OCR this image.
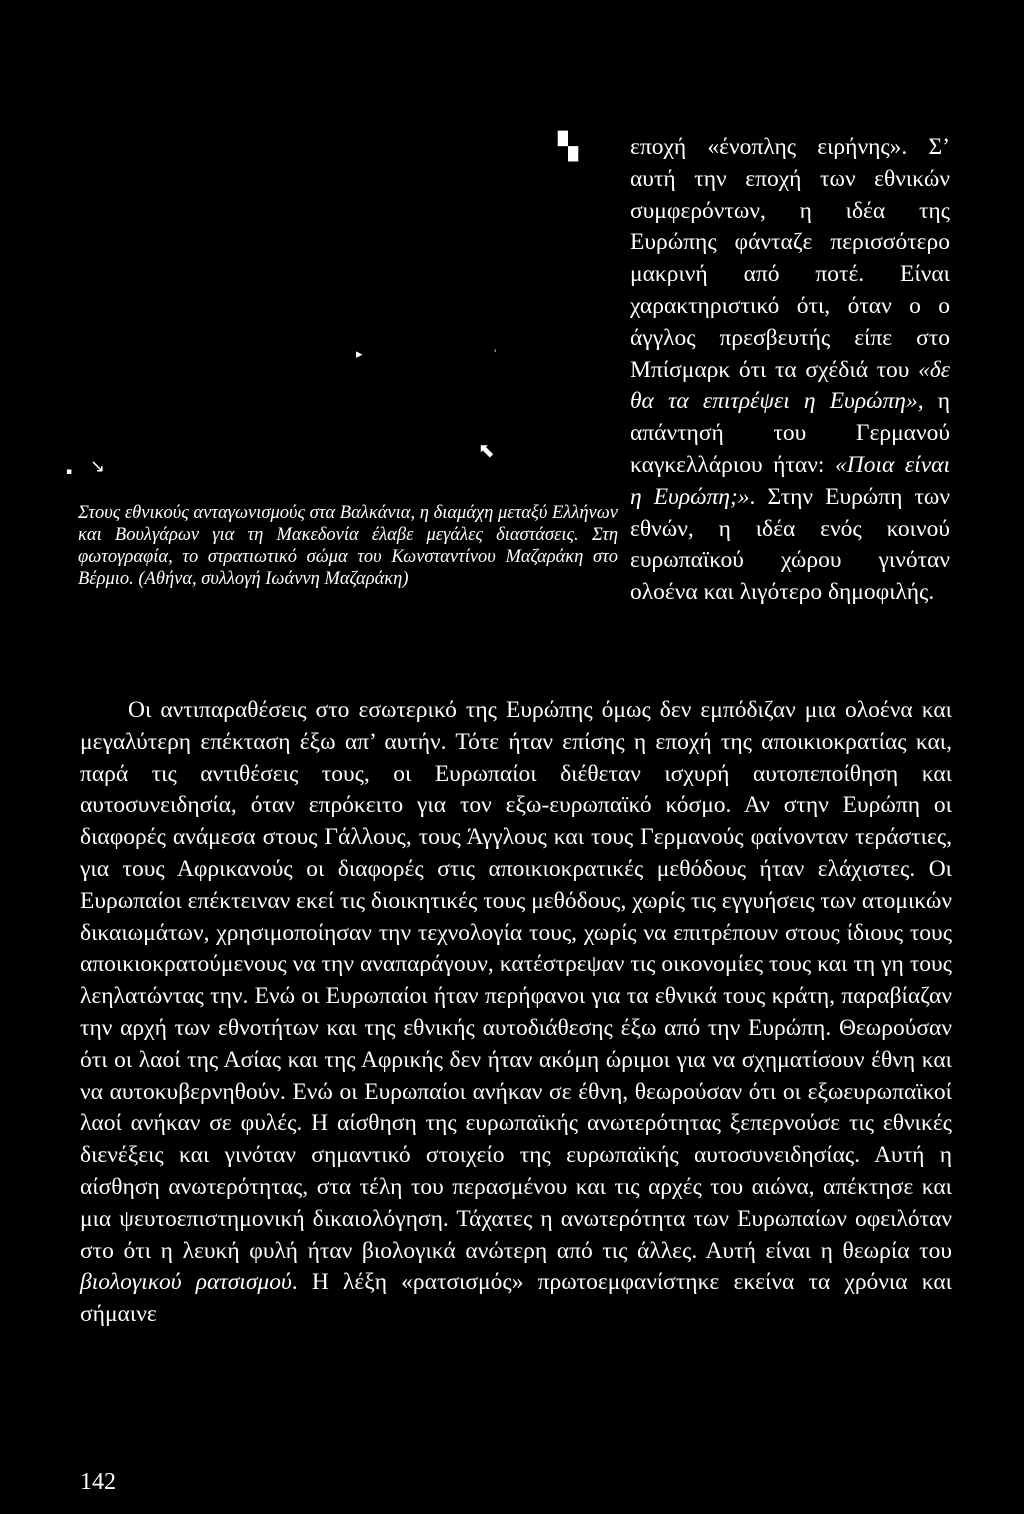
▚
▸	'
⬉
▪ ↘
Στους εθνικούς ανταγωνισμούς στα Βαλκάνια, η διαμάχη μεταξύ Ελλήνων και Βουλγάρων για τη Μακεδονία έλαβε μεγάλες διαστάσεις. Στη φωτογραφία, το στρατιωτικό σώμα του Κωνσταντίνου Μαζαράκη στο Βέρμιο. (Αθήνα, συλλογή Ιωάννη Μαζαράκη)

εποχή «ένοπλης ειρήνης». Σ’ αυτή την εποχή των εθνικών συμφερόντων, η ιδέα της Ευρώπης φάνταζε περισσότερο μακρινή από ποτέ. Είναι χαρακτηριστικό ότι, όταν ο ο άγγλος πρεσβευτής είπε στο Μπίσμαρκ ότι τα σχέδιά του «δε θα τα επιτρέψει η Ευρώπη», η απάντησή του Γερμανού καγκελλάριου ήταν: «Ποια είναι η Ευρώπη;». Στην Ευρώπη των εθνών, η ιδέα ενός κοινού ευρωπαϊκού χώρου γινόταν ολοένα και λιγότερο δημοφιλής.

Οι αντιπαραθέσεις στο εσωτερικό της Ευρώπης όμως δεν εμπόδιζαν μια ολοένα και μεγαλύτερη επέκταση έξω απ’ αυτήν. Τότε ήταν επίσης η εποχή της αποικιοκρατίας και, παρά τις αντιθέσεις τους, οι Ευρωπαίοι διέθεταν ισχυρή αυτοπεποίθηση και αυτοσυνειδησία, όταν επρόκειτο για τον εξω-ευρωπαϊκό κόσμο. Αν στην Ευρώπη οι διαφορές ανάμεσα στους Γάλλους, τους Άγγλους και τους Γερμανούς φαίνονταν τεράστιες, για τους Αφρικανούς οι διαφορές στις αποικιοκρατικές μεθόδους ήταν ελάχιστες. Οι Ευρωπαίοι επέκτειναν εκεί τις διοικητικές τους μεθόδους, χωρίς τις εγγυήσεις των ατομικών δικαιωμάτων, χρησιμοποίησαν την τεχνολογία τους, χωρίς να επιτρέπουν στους ίδιους τους αποικιοκρατούμενους να την αναπαράγουν, κατέστρεψαν τις οικονομίες τους και τη γη τους λεηλατώντας την. Ενώ οι Ευρωπαίοι ήταν περήφανοι για τα εθνικά τους κράτη, παραβίαζαν την αρχή των εθνοτήτων και της εθνικής αυτοδιάθεσης έξω από την Ευρώπη. Θεωρούσαν ότι οι λαοί της Ασίας και της Αφρικής δεν ήταν ακόμη ώριμοι για να σχηματίσουν έθνη και να αυτοκυβερνηθούν. Ενώ οι Ευρωπαίοι ανήκαν σε έθνη, θεωρούσαν ότι οι εξωευρωπαϊκοί λαοί ανήκαν σε φυλές. Η αίσθηση της ευρωπαϊκής ανωτερότητας ξεπερνούσε τις εθνικές διενέξεις και γινόταν σημαντικό στοιχείο της ευρωπαϊκής αυτοσυνειδησίας. Αυτή η αίσθηση ανωτερότητας, στα τέλη του περασμένου και τις αρχές του αιώνα, απέκτησε και μια ψευτοεπιστημονική δικαιολόγηση. Τάχατες η ανωτερότητα των Ευρωπαίων οφειλόταν στο ότι η λευκή φυλή ήταν βιολογικά ανώτερη από τις άλλες. Αυτή είναι η θεωρία του βιολογικού ρατσισμού. Η λέξη «ρατσισμός» πρωτοεμφανίστηκε εκείνα τα χρόνια και σήμαινε

142
